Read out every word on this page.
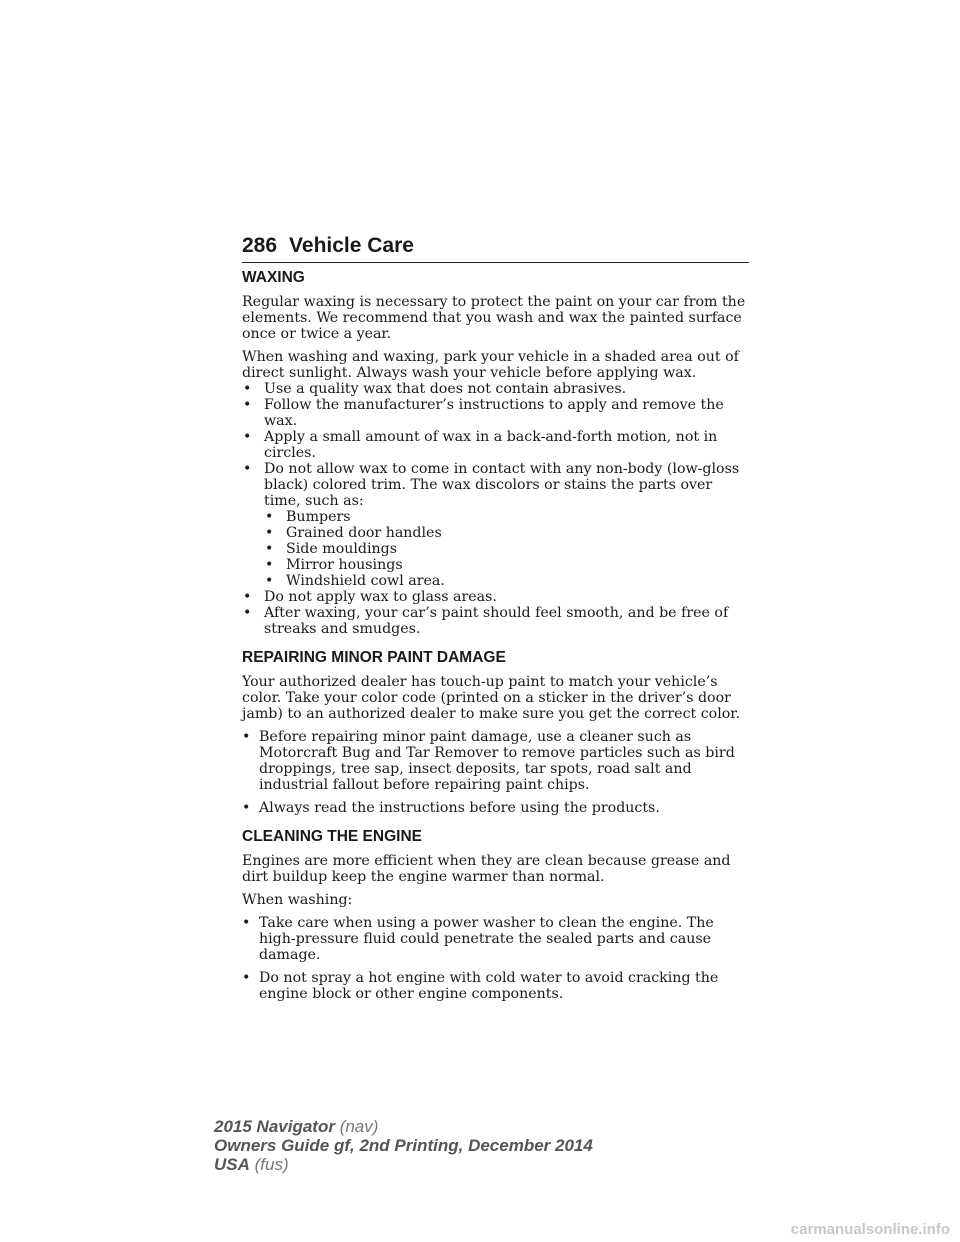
286 Vehicle Care
WAXING

Regular waxing is necessary to protect the paint on your car from the elements. We recommend that you wash and wax the painted surface once or twice a year.

When washing and waxing, park your vehicle in a shaded area out of direct sunlight. Always wash your vehicle before applying wax.

• Use a quality wax that does not contain abrasives.
• Follow the manufacturer’s instructions to apply and remove the wax.
• Apply a small amount of wax in a back-and-forth motion, not in circles.
• Do not allow wax to come in contact with any non-body (low-gloss black) colored trim. The wax discolors or stains the parts over time, such as:
• Bumpers
• Grained door handles
• Side mouldings
• Mirror housings
• Windshield cowl area.
• Do not apply wax to glass areas.
• After waxing, your car’s paint should feel smooth, and be free of streaks and smudges.
REPAIRING MINOR PAINT DAMAGE

Your authorized dealer has touch-up paint to match your vehicle’s color. Take your color code (printed on a sticker in the driver’s door jamb) to an authorized dealer to make sure you get the correct color.

• Before repairing minor paint damage, use a cleaner such as Motorcraft Bug and Tar Remover to remove particles such as bird droppings, tree sap, insect deposits, tar spots, road salt and industrial fallout before repairing paint chips.
• Always read the instructions before using the products.
CLEANING THE ENGINE

Engines are more efficient when they are clean because grease and dirt buildup keep the engine warmer than normal.

When washing:

• Take care when using a power washer to clean the engine. The high-pressure fluid could penetrate the sealed parts and cause damage.
• Do not spray a hot engine with cold water to avoid cracking the engine block or other engine components.
2015 Navigator (nav)
Owners Guide gf, 2nd Printing, December 2014
USA (fus)
carmanualsonline.info
